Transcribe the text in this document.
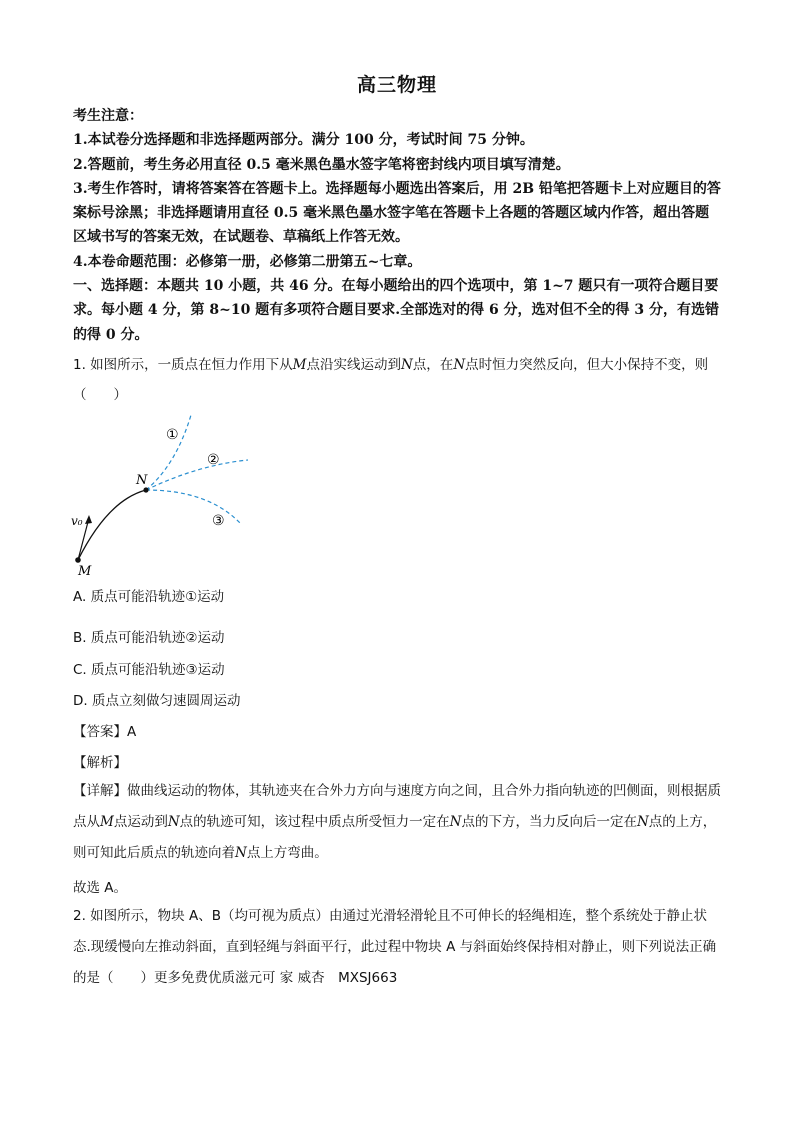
高三物理

考生注意：

1.本试卷分选择题和非选择题两部分。满分 100 分，考试时间 75 分钟。

2.答题前，考生务必用直径 0.5 毫米黑色墨水签字笔将密封线内项目填写清楚。

3.考生作答时，请将答案答在答题卡上。选择题每小题选出答案后，用 2B 铅笔把答题卡上对应题目的答案标号涂黑；非选择题请用直径 0.5 毫米黑色墨水签字笔在答题卡上各题的答题区域内作答，超出答题区域书写的答案无效，在试题卷、草稿纸上作答无效。

4.本卷命题范围：必修第一册，必修第二册第五~七章。

一、选择题：本题共 10 小题，共 46 分。在每小题给出的四个选项中，第 1~7 题只有一项符合题目要求。每小题 4 分，第 8~10 题有多项符合题目要求.全部选对的得 6 分，选对但不全的得 3 分，有选错的得 0 分。

1. 如图所示，一质点在恒力作用下从M点沿实线运动到N点，在N点时恒力突然反向，但大小保持不变，则（　　）

①
②
③
N
M
v₀
A. 质点可能沿轨迹①运动
B. 质点可能沿轨迹②运动
C. 质点可能沿轨迹③运动
D. 质点立刻做匀速圆周运动
【答案】A
【解析】

【详解】做曲线运动的物体，其轨迹夹在合外力方向与速度方向之间，且合外力指向轨迹的凹侧面，则根据质点从M点运动到N点的轨迹可知，该过程中质点所受恒力一定在N点的下方，当力反向后一定在N点的上方，则可知此后质点的轨迹向着N点上方弯曲。

故选 A。

2. 如图所示，物块 A、B（均可视为质点）由通过光滑轻滑轮且不可伸长的轻绳相连，整个系统处于静止状态.现缓慢向左推动斜面，直到轻绳与斜面平行，此过程中物块 A 与斜面始终保持相对静止，则下列说法正确的是（　　）更多免费优质滋元可 家 威杏　MXSJ663
